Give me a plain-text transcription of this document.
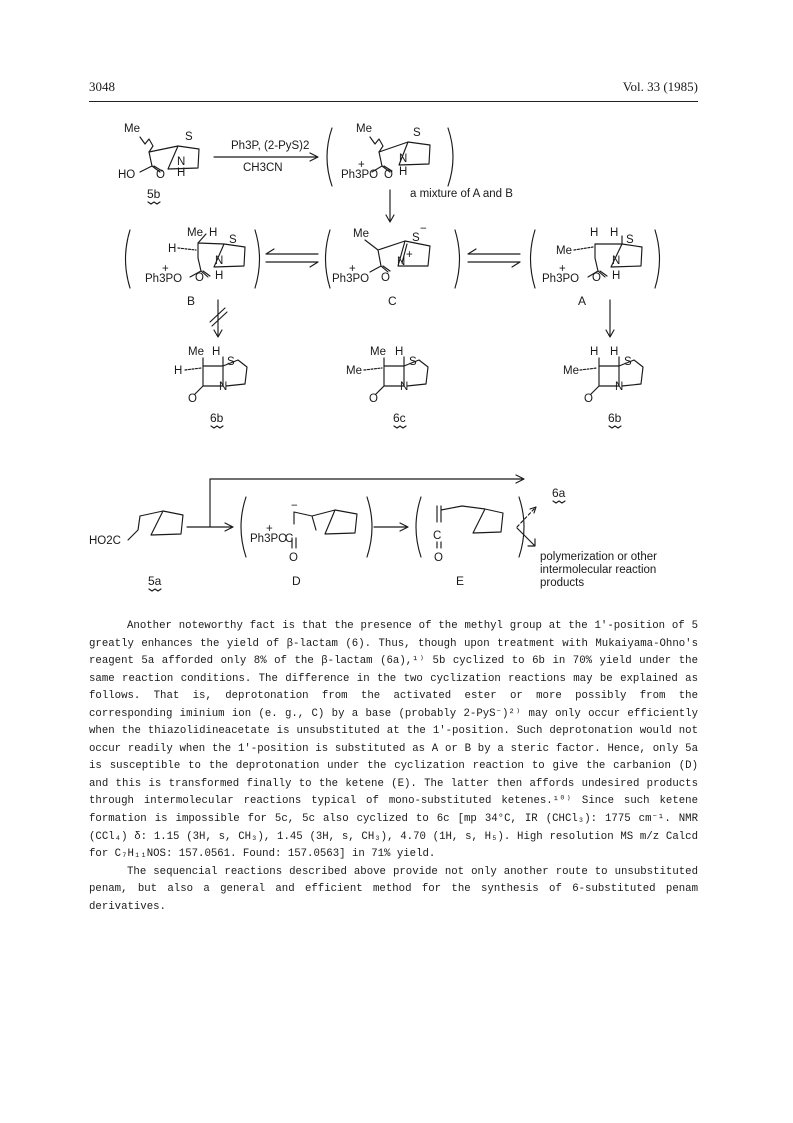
3048	Vol. 33 (1985)
Me
S
N
H
HO O
5b
Ph3P, (2-PyS)2
CH3CN
Me	S
N
H
Ph3PO
+
O
a mixture of A and B
Me H
H
S
N
H
Ph3PO
+
O
B
Me	S
−
N
+
Ph3PO
+
O
C
H H
Me
S
N
H
Ph3PO
+
O
A
Me H
H
S
N
O
6b
Me H
Me
S
N
O
6c
H H
Me
S
N
O
6b
HO2C
5a
Ph3PO
+
C
−
O
D
C
O
E
6a
polymerization or other
intermolecular reaction
products

Another noteworthy fact is that the presence of the methyl group at the 1'-position of 5 greatly enhances the yield of β-lactam (6). Thus, though upon treatment with Mukaiyama-Ohno's reagent 5a afforded only 8% of the β-lactam (6a),¹⁾ 5b cyclized to 6b in 70% yield under the same reaction conditions. The difference in the two cyclization reactions may be explained as follows. That is, deprotonation from the activated ester or more possibly from the corresponding iminium ion (e. g., C) by a base (probably 2-PyS⁻)²⁾ may only occur efficiently when the thiazolidineacetate is unsubstituted at the 1'-position. Such deprotonation would not occur readily when the 1'-position is substituted as A or B by a steric factor. Hence, only 5a is susceptible to the deprotonation under the cyclization reaction to give the carbanion (D) and this is transformed finally to the ketene (E). The latter then affords undesired products through intermolecular reactions typical of mono-substituted ketenes.¹⁰⁾ Since such ketene formation is impossible for 5c, 5c also cyclized to 6c [mp 34°C, IR (CHCl₃): 1775 cm⁻¹. NMR (CCl₄) δ: 1.15 (3H, s, CH₃), 1.45 (3H, s, CH₃), 4.70 (1H, s, H₅). High resolution MS m/z Calcd for C₇H₁₁NOS: 157.0561. Found: 157.0563] in 71% yield.

The sequencial reactions described above provide not only another route to unsubstituted penam, but also a general and efficient method for the synthesis of 6-substituted penam derivatives.
